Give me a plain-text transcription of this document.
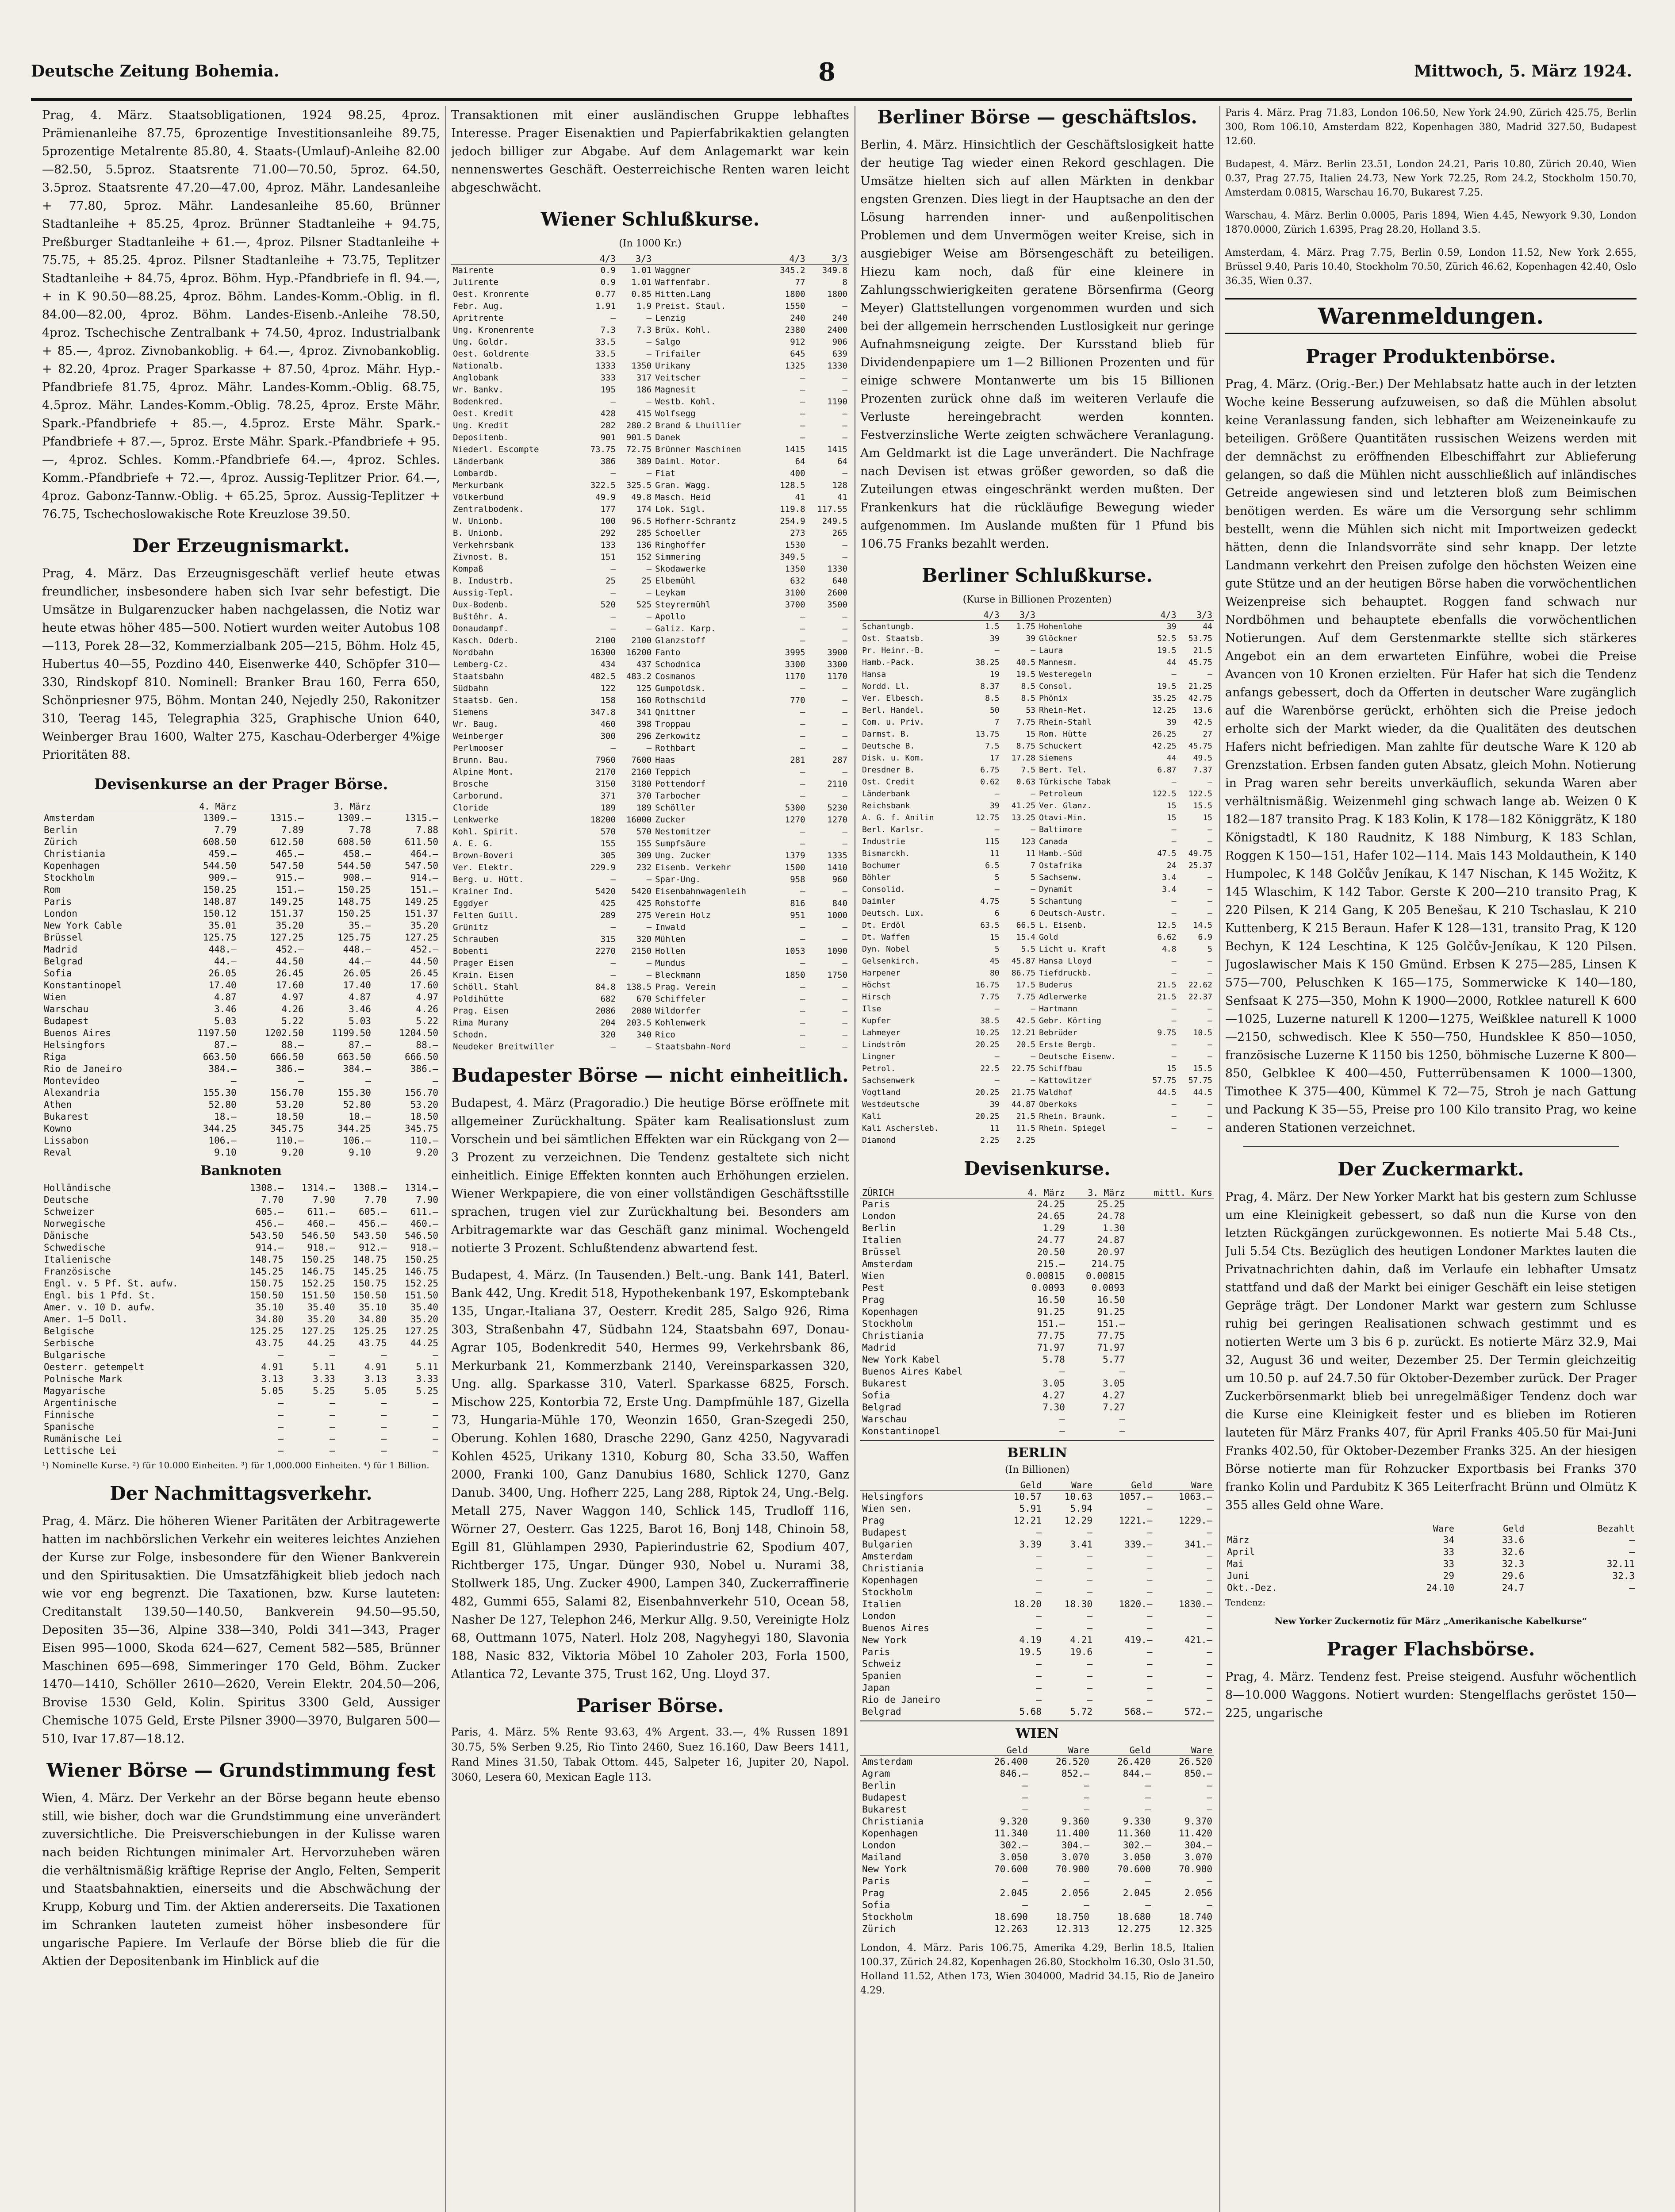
Deutsche Zeitung Bohemia.	8	Mittwoch, 5. März 1924.

Prag, 4. März. Staatsobligationen, 1924 98.25, 4proz. Prämienanleihe 87.75, 6prozentige Investitionsanleihe 89.75, 5prozentige Metalrente 85.80, 4. Staats-(Umlauf)-Anleihe 82.00—82.50, 5.5proz. Staatsrente 71.00—70.50, 5proz. 64.50, 3.5proz. Staatsrente 47.20—47.00, 4proz. Mähr. Landesanleihe + 77.80, 5proz. Mähr. Landesanleihe 85.60, Brünner Stadtanleihe + 85.25, 4proz. Brünner Stadtanleihe + 94.75, Preßburger Stadtanleihe + 61.—, 4proz. Pilsner Stadtanleihe + 75.75, + 85.25. 4proz. Pilsner Stadtanleihe + 73.75, Teplitzer Stadtanleihe + 84.75, 4proz. Böhm. Hyp.-Pfandbriefe in fl. 94.—, + in K 90.50—88.25, 4proz. Böhm. Landes-Komm.-Oblig. in fl. 84.00—82.00, 4proz. Böhm. Landes-Eisenb.-Anleihe 78.50, 4proz. Tschechische Zentralbank + 74.50, 4proz. Industrialbank + 85.—, 4proz. Zivnobankoblig. + 64.—, 4proz. Zivnobankoblig. + 82.20, 4proz. Prager Sparkasse + 87.50, 4proz. Mähr. Hyp.-Pfandbriefe 81.75, 4proz. Mähr. Landes-Komm.-Oblig. 68.75, 4.5proz. Mähr. Landes-Komm.-Oblig. 78.25, 4proz. Erste Mähr. Spark.-Pfandbriefe + 85.—, 4.5proz. Erste Mähr. Spark.-Pfandbriefe + 87.—, 5proz. Erste Mähr. Spark.-Pfandbriefe + 95.—, 4proz. Schles. Komm.-Pfandbriefe 64.—, 4proz. Schles. Komm.-Pfandbriefe + 72.—, 4proz. Aussig-Teplitzer Prior. 64.—, 4proz. Gabonz-Tannw.-Oblig. + 65.25, 5proz. Aussig-Teplitzer + 76.75, Tschechoslowakische Rote Kreuzlose 39.50.

Der Erzeugnismarkt.

Prag, 4. März. Das Erzeugnisgeschäft verlief heute etwas freundlicher, insbesondere haben sich Ivar sehr befestigt. Die Umsätze in Bulgarenzucker haben nachgelassen, die Notiz war heute etwas höher 485—500. Notiert wurden weiter Autobus 108—113, Porek 28—32, Kommerzialbank 205—215, Böhm. Holz 45, Hubertus 40—55, Pozdino 440, Eisenwerke 440, Schöpfer 310—330, Rindskopf 810. Nominell: Branker Brau 160, Ferra 650, Schönpriesner 975, Böhm. Montan 240, Nejedly 250, Rakonitzer 310, Teerag 145, Telegraphia 325, Graphische Union 640, Weinberger Brau 1600, Walter 275, Kaschau-Oderberger 4%ige Prioritäten 88.

Devisenkurse an der Prager Börse.
	4. März		3. März	
Amsterdam	1309.—	1315.—	1309.—	1315.—
Berlin	7.79	7.89	7.78	7.88
Zürich	608.50	612.50	608.50	611.50
Christiania	459.—	465.—	458.—	464.—
Kopenhagen	544.50	547.50	544.50	547.50
Stockholm	909.—	915.—	908.—	914.—
Rom	150.25	151.—	150.25	151.—
Paris	148.87	149.25	148.75	149.25
London	150.12	151.37	150.25	151.37
New York Cable	35.01	35.20	35.—	35.20
Brüssel	125.75	127.25	125.75	127.25
Madrid	448.—	452.—	448.—	452.—
Belgrad	44.—	44.50	44.—	44.50
Sofia	26.05	26.45	26.05	26.45
Konstantinopel	17.40	17.60	17.40	17.60
Wien	4.87	4.97	4.87	4.97
Warschau	3.46	4.26	3.46	4.26
Budapest	5.03	5.22	5.03	5.22
Buenos Aires	1197.50	1202.50	1199.50	1204.50
Helsingfors	87.—	88.—	87.—	88.—
Riga	663.50	666.50	663.50	666.50
Rio de Janeiro	384.—	386.—	384.—	386.—
Montevideo	—	—	—	—
Alexandria	155.30	156.70	155.30	156.70
Athen	52.80	53.20	52.80	53.20
Bukarest	18.—	18.50	18.—	18.50
Kowno	344.25	345.75	344.25	345.75
Lissabon	106.—	110.—	106.—	110.—
Reval	9.10	9.20	9.10	9.20
Banknoten
Holländische	1308.—	1314.—	1308.—	1314.—
Deutsche	7.70	7.90	7.70	7.90
Schweizer	605.—	611.—	605.—	611.—
Norwegische	456.—	460.—	456.—	460.—
Dänische	543.50	546.50	543.50	546.50
Schwedische	914.—	918.—	912.—	918.—
Italienische	148.75	150.25	148.75	150.25
Französische	145.25	146.75	145.25	146.75
Engl. v. 5 Pf. St. aufw.	150.75	152.25	150.75	152.25
Engl. bis 1 Pfd. St.	150.50	151.50	150.50	151.50
Amer. v. 10 D. aufw.	35.10	35.40	35.10	35.40
Amer. 1—5 Doll.	34.80	35.20	34.80	35.20
Belgische	125.25	127.25	125.25	127.25
Serbische	43.75	44.25	43.75	44.25
Bulgarische	—	—	—	—
Oesterr. getempelt	4.91	5.11	4.91	5.11
Polnische Mark	3.13	3.33	3.13	3.33
Magyarische	5.05	5.25	5.05	5.25
Argentinische	—	—	—	—
Finnische	—	—	—	—
Spanische	—	—	—	—
Rumänische Lei	—	—	—	—
Lettische Lei	—	—	—	—
¹) Nominelle Kurse. ²) für 10.000 Einheiten. ³) für 1,000.000 Einheiten. ⁴) für 1 Billion.
Der Nachmittagsverkehr.

Prag, 4. März. Die höheren Wiener Paritäten der Arbitragewerte hatten im nachbörslichen Verkehr ein weiteres leichtes Anziehen der Kurse zur Folge, insbesondere für den Wiener Bankverein und den Spiritusaktien. Die Umsatzfähigkeit blieb jedoch nach wie vor eng begrenzt. Die Taxationen, bzw. Kurse lauteten: Creditanstalt 139.50—140.50, Bankverein 94.50—95.50, Depositen 35—36, Alpine 338—340, Poldi 341—343, Prager Eisen 995—1000, Skoda 624—627, Cement 582—585, Brünner Maschinen 695—698, Simmeringer 170 Geld, Böhm. Zucker 1470—1410, Schöller 2610—2620, Verein Elektr. 204.50—206, Brovise 1530 Geld, Kolin. Spiritus 3300 Geld, Aussiger Chemische 1075 Geld, Erste Pilsner 3900—3970, Bulgaren 500—510, Ivar 17.87—18.12.

Wiener Börse — Grundstimmung fest

Wien, 4. März. Der Verkehr an der Börse begann heute ebenso still, wie bisher, doch war die Grundstimmung eine unverändert zuversichtliche. Die Preisverschiebungen in der Kulisse waren nach beiden Richtungen minimaler Art. Hervorzuheben wären die verhältnismäßig kräftige Reprise der Anglo, Felten, Semperit und Staatsbahnaktien, einerseits und die Abschwächung der Krupp, Koburg und Tim. der Aktien andererseits. Die Taxationen im Schranken lauteten zumeist höher insbesondere für ungarische Papiere. Im Verlaufe der Börse blieb die für die Aktien der Depositenbank im Hinblick auf die

Transaktionen mit einer ausländischen Gruppe lebhaftes Interesse. Prager Eisenaktien und Papierfabrikaktien gelangten jedoch billiger zur Abgabe. Auf dem Anlagemarkt war kein nennenswertes Geschäft. Oesterreichische Renten waren leicht abgeschwächt.

Wiener Schlußkurse.
(In 1000 Kr.)
	4/3	3/3		4/3	3/3
Mairente	0.9	1.01	Waggner	345.2	349.8
Julirente	0.9	1.01	Waffenfabr.	77	8
Oest. Kronrente	0.77	0.85	Hitten.Lang	1800	1800
Febr. Aug.	1.91	1.9	Preist. Staul.	1550	—
Apritrente	—	—	Lenzig	240	240
Ung. Kronenrente	7.3	7.3	Brüx. Kohl.	2380	2400
Ung. Goldr.	33.5	—	Salgo	912	906
Oest. Goldrente	33.5	—	Trifailer	645	639
Nationalb.	1333	1350	Urikany	1325	1330
Anglobank	333	317	Veitscher	—	—
Wr. Bankv.	195	186	Magnesit	—	—
Bodenkred.	—	—	Westb. Kohl.	—	1190
Oest. Kredit	428	415	Wolfsegg	—	—
Ung. Kredit	282	280.2	Brand & Lhuillier	—	—
Depositenb.	901	901.5	Danek	—	—
Niederl. Escompte	73.75	72.75	Brünner Maschinen	1415	1415
Länderbank	386	389	Daiml. Motor.	64	64
Lombardb.	—	—	Fiat	400	—
Merkurbank	322.5	325.5	Gran. Wagg.	128.5	128
Völkerbund	49.9	49.8	Masch. Heid	41	41
Zentralbodenk.	177	174	Lok. Sigl.	119.8	117.55
W. Unionb.	100	96.5	Hofherr-Schrantz	254.9	249.5
B. Unionb.	292	285	Schoeller	273	265
Verkehrsbank	133	136	Ringhoffer	1530	—
Zivnost. B.	151	152	Simmering	349.5	—
Kompaß	—	—	Skodawerke	1350	1330
B. Industrb.	25	25	Elbemühl	632	640
Aussig-Tepl.	—	—	Leykam	3100	2600
Dux-Bodenb.	520	525	Steyrermühl	3700	3500
Buštěhr. A.	—	—	Apollo	—	—
Donaudampf.	—	—	Galiz. Karp.	—	—
Kasch. Oderb.	2100	2100	Glanzstoff	—	—
Nordbahn	16300	16200	Fanto	3995	3900
Lemberg-Cz.	434	437	Schodnica	3300	3300
Staatsbahn	482.5	483.2	Cosmanos	1170	1170
Südbahn	122	125	Gumpoldsk.	—	—
Staatsb. Gen.	158	160	Rothschild	770	—
Siemens	347.8	341	Qnittner	—	—
Wr. Baug.	460	398	Troppau	—	—
Weinberger	300	296	Zerkowitz	—	—
Perlmooser	—	—	Rothbart	—	—
Brunn. Bau.	7960	7600	Haas	281	287
Alpine Mont.	2170	2160	Teppich	—	—
Brosche	3150	3180	Pottendorf	—	2110
Carborund.	371	370	Tarbocher	—	—
Cloride	189	189	Schöller	5300	5230
Lenkwerke	18200	16000	Zucker	1270	1270
Kohl. Spirit.	570	570	Nestomitzer	—	—
A. E. G.	155	155	Sumpfsäure	—	—
Brown-Boveri	305	309	Ung. Zucker	1379	1335
Ver. Elektr.	229.9	232	Eisenb. Verkehr	1500	1410
Berg. u. Hütt.	—	—	Spar-Ung.	958	960
Krainer Ind.	5420	5420	Eisenbahnwagenleih	—	—
Eggdyer	425	425	Rohstoffe	816	840
Felten Guill.	289	275	Verein Holz	951	1000
Grünitz	—	—	Inwald	—	—
Schrauben	315	320	Mühlen	—	—
Bobenti	2270	2150	Hollen	1053	1090
Prager Eisen	—	—	Mundus	—	—
Krain. Eisen	—	—	Bleckmann	1850	1750
Schöll. Stahl	84.8	138.5	Prag. Verein	—	—
Poldihütte	682	670	Schiffeler	—	—
Prag. Eisen	2086	2080	Wildorfer	—	—
Rima Murany	204	203.5	Kohlenwerk	—	—
Schodn.	320	340	Rico	—	—
Neudeker Breitwiller	—	—	Staatsbahn-Nord	—	—
Budapester Börse — nicht einheitlich.

Budapest, 4. März (Pragoradio.) Die heutige Börse eröffnete mit allgemeiner Zurückhaltung. Später kam Realisationslust zum Vorschein und bei sämtlichen Effekten war ein Rückgang von 2—3 Prozent zu verzeichnen. Die Tendenz gestaltete sich nicht einheitlich. Einige Effekten konnten auch Erhöhungen erzielen. Wiener Werkpapiere, die von einer vollständigen Geschäftsstille sprachen, trugen viel zur Zurückhaltung bei. Besonders am Arbitragemarkte war das Geschäft ganz minimal. Wochengeld notierte 3 Prozent. Schlußtendenz abwartend fest.

Budapest, 4. März. (In Tausenden.) Belt.-ung. Bank 141, Baterl. Bank 442, Ung. Kredit 518, Hypothekenbank 197, Eskomptebank 135, Ungar.-Italiana 37, Oesterr. Kredit 285, Salgo 926, Rima 303, Straßenbahn 47, Südbahn 124, Staatsbahn 697, Donau-Agrar 105, Bodenkredit 540, Hermes 99, Verkehrsbank 86, Merkurbank 21, Kommerzbank 2140, Vereinsparkassen 320, Ung. allg. Sparkasse 310, Vaterl. Sparkasse 6825, Forsch. Mischow 225, Kontorbia 72, Erste Ung. Dampfmühle 187, Gizella 73, Hungaria-Mühle 170, Weonzin 1650, Gran-Szegedi 250, Oberung. Kohlen 1680, Drasche 2290, Ganz 4250, Nagyvaradi Kohlen 4525, Urikany 1310, Koburg 80, Scha 33.50, Waffen 2000, Franki 100, Ganz Danubius 1680, Schlick 1270, Ganz Danub. 3400, Ung. Hofherr 225, Lang 288, Riptok 24, Ung.-Belg. Metall 275, Naver Waggon 140, Schlick 145, Trudloff 116, Wörner 27, Oesterr. Gas 1225, Barot 16, Bonj 148, Chinoin 58, Egill 81, Glühlampen 2930, Papierindustrie 62, Spodium 407, Richtberger 175, Ungar. Dünger 930, Nobel u. Nurami 38, Stollwerk 185, Ung. Zucker 4900, Lampen 340, Zuckerraffinerie 482, Gummi 655, Salami 82, Eisenbahnverkehr 510, Ocean 58, Nasher De 127, Telephon 246, Merkur Allg. 9.50, Vereinigte Holz 68, Outtmann 1075, Naterl. Holz 208, Nagyhegyi 180, Slavonia 188, Nasic 832, Viktoria Möbel 10 Zaholer 203, Forla 1500, Atlantica 72, Levante 375, Trust 162, Ung. Lloyd 37.

Pariser Börse.

Paris, 4. März. 5% Rente 93.63, 4% Argent. 33.—, 4% Russen 1891 30.75, 5% Serben 9.25, Rio Tinto 2460, Suez 16.160, Daw Beers 1411, Rand Mines 31.50, Tabak Ottom. 445, Salpeter 16, Jupiter 20, Napol. 3060, Lesera 60, Mexican Eagle 113.

Berliner Börse — geschäftslos.

Berlin, 4. März. Hinsichtlich der Geschäftslosigkeit hatte der heutige Tag wieder einen Rekord geschlagen. Die Umsätze hielten sich auf allen Märkten in denkbar engsten Grenzen. Dies liegt in der Hauptsache an den der Lösung harrenden inner- und außenpolitischen Problemen und dem Unvermögen weiter Kreise, sich in ausgiebiger Weise am Börsengeschäft zu beteiligen. Hiezu kam noch, daß für eine kleinere in Zahlungsschwierigkeiten geratene Börsenfirma (Georg Meyer) Glattstellungen vorgenommen wurden und sich bei der allgemein herrschenden Lustlosigkeit nur geringe Aufnahmsneigung zeigte. Der Kursstand blieb für Dividendenpapiere um 1—2 Billionen Prozenten und für einige schwere Montanwerte um bis 15 Billionen Prozenten zurück ohne daß im weiteren Verlaufe die Verluste hereingebracht werden konnten. Festverzinsliche Werte zeigten schwächere Veranlagung. Am Geldmarkt ist die Lage unverändert. Die Nachfrage nach Devisen ist etwas größer geworden, so daß die Zuteilungen etwas eingeschränkt werden mußten. Der Frankenkurs hat die rückläufige Bewegung wieder aufgenommen. Im Auslande mußten für 1 Pfund bis 106.75 Franks bezahlt werden.

Berliner Schlußkurse.
(Kurse in Billionen Prozenten)
	4/3	3/3		4/3	3/3
Schantungb.	1.5	1.75	Hohenlohe	39	44
Ost. Staatsb.	39	39	Glöckner	52.5	53.75
Pr. Heinr.-B.	—	—	Laura	19.5	21.5
Hamb.-Pack.	38.25	40.5	Mannesm.	44	45.75
Hansa	19	19.5	Westeregeln	—	—
Nordd. Ll.	8.37	8.5	Consol.	19.5	21.25
Ver. Elbesch.	8.5	8.5	Phönix	35.25	42.75
Berl. Handel.	50	53	Rhein-Met.	12.25	13.6
Com. u. Priv.	7	7.75	Rhein-Stahl	39	42.5
Darmst. B.	13.75	15	Rom. Hütte	26.25	27
Deutsche B.	7.5	8.75	Schuckert	42.25	45.75
Disk. u. Kom.	17	17.28	Siemens	44	49.5
Dresdner B.	6.75	7.5	Bert. Tel.	6.87	7.37
Ost. Credit	0.62	0.63	Türkische Tabak	—	—
Länderbank	—	—	Petroleum	122.5	122.5
Reichsbank	39	41.25	Ver. Glanz.	15	15.5
A. G. f. Anilin	12.75	13.25	Otavi-Min.	15	15
Berl. Karlsr.	—	—	Baltimore	—	—
Industrie	115	123	Canada	—	—
Bismarckh.	11	11	Hamb.-Süd	47.5	49.75
Bochumer	6.5	7	Ostafrika	24	25.37
Böhler	5	5	Sachsenw.	3.4	—
Consolid.	—	—	Dynamit	3.4	—
Daimler	4.75	5	Schantung	—	—
Deutsch. Lux.	6	6	Deutsch-Austr.	—	—
Dt. Erdöl	63.5	66.5	L. Eisenb.	12.5	14.5
Dt. Waffen	15	15.4	Gold	6.62	6.9
Dyn. Nobel	5	5.5	Licht u. Kraft	4.8	5
Gelsenkirch.	45	45.87	Hansa Lloyd	—	—
Harpener	80	86.75	Tiefdruckb.	—	—
Höchst	16.75	17.5	Buderus	21.5	22.62
Hirsch	7.75	7.75	Adlerwerke	21.5	22.37
Ilse	—	—	Hartmann	—	—
Kupfer	38.5	42.5	Gebr. Körting	—	—
Lahmeyer	10.25	12.21	Bebrüder	9.75	10.5
Lindström	20.25	20.5	Erste Bergb.	—	—
Lingner	—	—	Deutsche Eisenw.	—	—
Petrol.	22.5	22.75	Schiffbau	15	15.5
Sachsenwerk	—	—	Kattowitzer	57.75	57.75
Vogtland	20.25	21.75	Waldhof	44.5	44.5
Westdeutsche	39	44.87	Oberkoks	—	—
Kali	20.25	21.5	Rhein. Braunk.	—	—
Kali Aschersleb.	11	11.5	Rhein. Spiegel	—	—
Diamond	2.25	2.25			
Devisenkurse.
ZÜRICH	4. März	3. März	mittl. Kurs
Paris	24.25	25.25	
London	24.65	24.78	
Berlin	1.29	1.30	
Italien	24.77	24.87	
Brüssel	20.50	20.97	
Amsterdam	215.—	214.75	
Wien	0.00815	0.00815	
Pest	0.0093	0.0093	
Prag	16.50	16.50	
Kopenhagen	91.25	91.25	
Stockholm	151.—	151.—	
Christiania	77.75	77.75	
Madrid	71.97	71.97	
New York Kabel	5.78	5.77	
Buenos Aires Kabel	—	—	
Bukarest	3.05	3.05	
Sofia	4.27	4.27	
Belgrad	7.30	7.27	
Warschau	—	—	
Konstantinopel	—	—	
BERLIN
(In Billionen)
	Geld	Ware	Geld	Ware
Helsingfors	10.57	10.63	1057.—	1063.—
Wien sen.	5.91	5.94	—	—
Prag	12.21	12.29	1221.—	1229.—
Budapest	—	—	—	—
Bulgarien	3.39	3.41	339.—	341.—
Amsterdam	—	—	—	—
Christiania	—	—	—	—
Kopenhagen	—	—	—	—
Stockholm	—	—	—	—
Italien	18.20	18.30	1820.—	1830.—
London	—	—	—	—
Buenos Aires	—	—	—	—
New York	4.19	4.21	419.—	421.—
Paris	19.5	19.6	—	—
Schweiz	—	—	—	—
Spanien	—	—	—	—
Japan	—	—	—	—
Rio de Janeiro	—	—	—	—
Belgrad	5.68	5.72	568.—	572.—
WIEN
	Geld	Ware	Geld	Ware
Amsterdam	26.400	26.520	26.420	26.520
Agram	846.—	852.—	844.—	850.—
Berlin	—	—	—	—
Budapest	—	—	—	—
Bukarest	—	—	—	—
Christiania	9.320	9.360	9.330	9.370
Kopenhagen	11.340	11.400	11.360	11.420
London	302.—	304.—	302.—	304.—
Mailand	3.050	3.070	3.050	3.070
New York	70.600	70.900	70.600	70.900
Paris	—	—	—	—
Prag	2.045	2.056	2.045	2.056
Sofia	—	—	—	—
Stockholm	18.690	18.750	18.680	18.740
Zürich	12.263	12.313	12.275	12.325

London, 4. März. Paris 106.75, Amerika 4.29, Berlin 18.5, Italien 100.37, Zürich 24.82, Kopenhagen 26.80, Stockholm 16.30, Oslo 31.50, Holland 11.52, Athen 173, Wien 304000, Madrid 34.15, Rio de Janeiro 4.29.

Paris 4. März. Prag 71.83, London 106.50, New York 24.90, Zürich 425.75, Berlin 300, Rom 106.10, Amsterdam 822, Kopenhagen 380, Madrid 327.50, Budapest 12.60.

Budapest, 4. März. Berlin 23.51, London 24.21, Paris 10.80, Zürich 20.40, Wien 0.37, Prag 27.75, Italien 24.73, New York 72.25, Rom 24.2, Stockholm 150.70, Amsterdam 0.0815, Warschau 16.70, Bukarest 7.25.

Warschau, 4. März. Berlin 0.0005, Paris 1894, Wien 4.45, Newyork 9.30, London 1870.0000, Zürich 1.6395, Prag 28.20, Holland 3.5.

Amsterdam, 4. März. Prag 7.75, Berlin 0.59, London 11.52, New York 2.655, Brüssel 9.40, Paris 10.40, Stockholm 70.50, Zürich 46.62, Kopenhagen 42.40, Oslo 36.35, Wien 0.37.

Warenmeldungen.
Prager Produktenbörse.

Prag, 4. März. (Orig.-Ber.) Der Mehlabsatz hatte auch in der letzten Woche keine Besserung aufzuweisen, so daß die Mühlen absolut keine Veranlassung fanden, sich lebhafter am Weizeneinkaufe zu beteiligen. Größere Quantitäten russischen Weizens werden mit der demnächst zu eröffnenden Elbeschiffahrt zur Ablieferung gelangen, so daß die Mühlen nicht ausschließlich auf inländisches Getreide angewiesen sind und letzteren bloß zum Beimischen benötigen werden. Es wäre um die Versorgung sehr schlimm bestellt, wenn die Mühlen sich nicht mit Importweizen gedeckt hätten, denn die Inlandsvorräte sind sehr knapp. Der letzte Landmann verkehrt den Preisen zufolge den höchsten Weizen eine gute Stütze und an der heutigen Börse haben die vorwöchentlichen Weizenpreise sich behauptet. Roggen fand schwach nur Nordböhmen und behauptete ebenfalls die vorwöchentlichen Notierungen. Auf dem Gerstenmarkte stellte sich stärkeres Angebot ein an dem erwarteten Einführe, wobei die Preise Avancen von 10 Kronen erzielten. Für Hafer hat sich die Tendenz anfangs gebessert, doch da Offerten in deutscher Ware zugänglich auf die Warenbörse gerückt, erhöhten sich die Preise jedoch erholte sich der Markt wieder, da die Qualitäten des deutschen Hafers nicht befriedigen. Man zahlte für deutsche Ware K 120 ab Grenzstation. Erbsen fanden guten Absatz, gleich Mohn. Notierung in Prag waren sehr bereits unverkäuflich, sekunda Waren aber verhältnismäßig. Weizenmehl ging schwach lange ab. Weizen 0 K 182—187 transito Prag. K 183 Kolin, K 178—182 Königgrätz, K 180 Königstadtl, K 180 Raudnitz, K 188 Nimburg, K 183 Schlan, Roggen K 150—151, Hafer 102—114. Mais 143 Moldauthein, K 140 Humpolec, K 148 Golčův Jeníkau, K 147 Nischan, K 145 Wožitz, K 145 Wlaschim, K 142 Tabor. Gerste K 200—210 transito Prag, K 220 Pilsen, K 214 Gang, K 205 Benešau, K 210 Tschaslau, K 210 Kuttenberg, K 215 Beraun. Hafer K 128—131, transito Prag, K 120 Bechyn, K 124 Leschtina, K 125 Golčův-Jeníkau, K 120 Pilsen. Jugoslawischer Mais K 150 Gmünd. Erbsen K 275—285, Linsen K 575—700, Peluschken K 165—175, Sommerwicke K 140—180, Senfsaat K 275—350, Mohn K 1900—2000, Rotklee naturell K 600—1025, Luzerne naturell K 1200—1275, Weißklee naturell K 1000—2150, schwedisch. Klee K 550—750, Hundsklee K 850—1050, französische Luzerne K 1150 bis 1250, böhmische Luzerne K 800—850, Gelbklee K 400—450, Futterrübensamen K 1000—1300, Timothee K 375—400, Kümmel K 72—75, Stroh je nach Gattung und Packung K 35—55, Preise pro 100 Kilo transito Prag, wo keine anderen Stationen verzeichnet.

Der Zuckermarkt.

Prag, 4. März. Der New Yorker Markt hat bis gestern zum Schlusse um eine Kleinigkeit gebessert, so daß nun die Kurse von den letzten Rückgängen zurückgewonnen. Es notierte Mai 5.48 Cts., Juli 5.54 Cts. Bezüglich des heutigen Londoner Marktes lauten die Privatnachrichten dahin, daß im Verlaufe ein lebhafter Umsatz stattfand und daß der Markt bei einiger Geschäft ein leise stetigen Gepräge trägt. Der Londoner Markt war gestern zum Schlusse ruhig bei geringen Realisationen schwach gestimmt und es notierten Werte um 3 bis 6 p. zurückt. Es notierte März 32.9, Mai 32, August 36 und weiter, Dezember 25. Der Termin gleichzeitig um 10.50 p. auf 24.7.50 für Oktober-Dezember zurück. Der Prager Zuckerbörsenmarkt blieb bei unregelmäßiger Tendenz doch war die Kurse eine Kleinigkeit fester und es blieben im Rotieren lauteten für März Franks 407, für April Franks 405.50 für Mai-Juni Franks 402.50, für Oktober-Dezember Franks 325. An der hiesigen Börse notierte man für Rohzucker Exportbasis bei Franks 370 franko Kolin und Pardubitz K 365 Leiterfracht Brünn und Olmütz K 355 alles Geld ohne Ware.

	Ware	Geld	Bezahlt
März	34	33.6	—
April	33	32.6	—
Mai	33	32.3	32.11
Juni	29	29.6	32.3
Okt.-Dez.	24.10	24.7	—
Tendenz:
New Yorker Zuckernotiz für März „Amerikanische Kabelkurse“
Prager Flachsbörse.

Prag, 4. März. Tendenz fest. Preise steigend. Ausfuhr wöchentlich 8—10.000 Waggons. Notiert wurden: Stengelflachs geröstet 150—225, ungarische
